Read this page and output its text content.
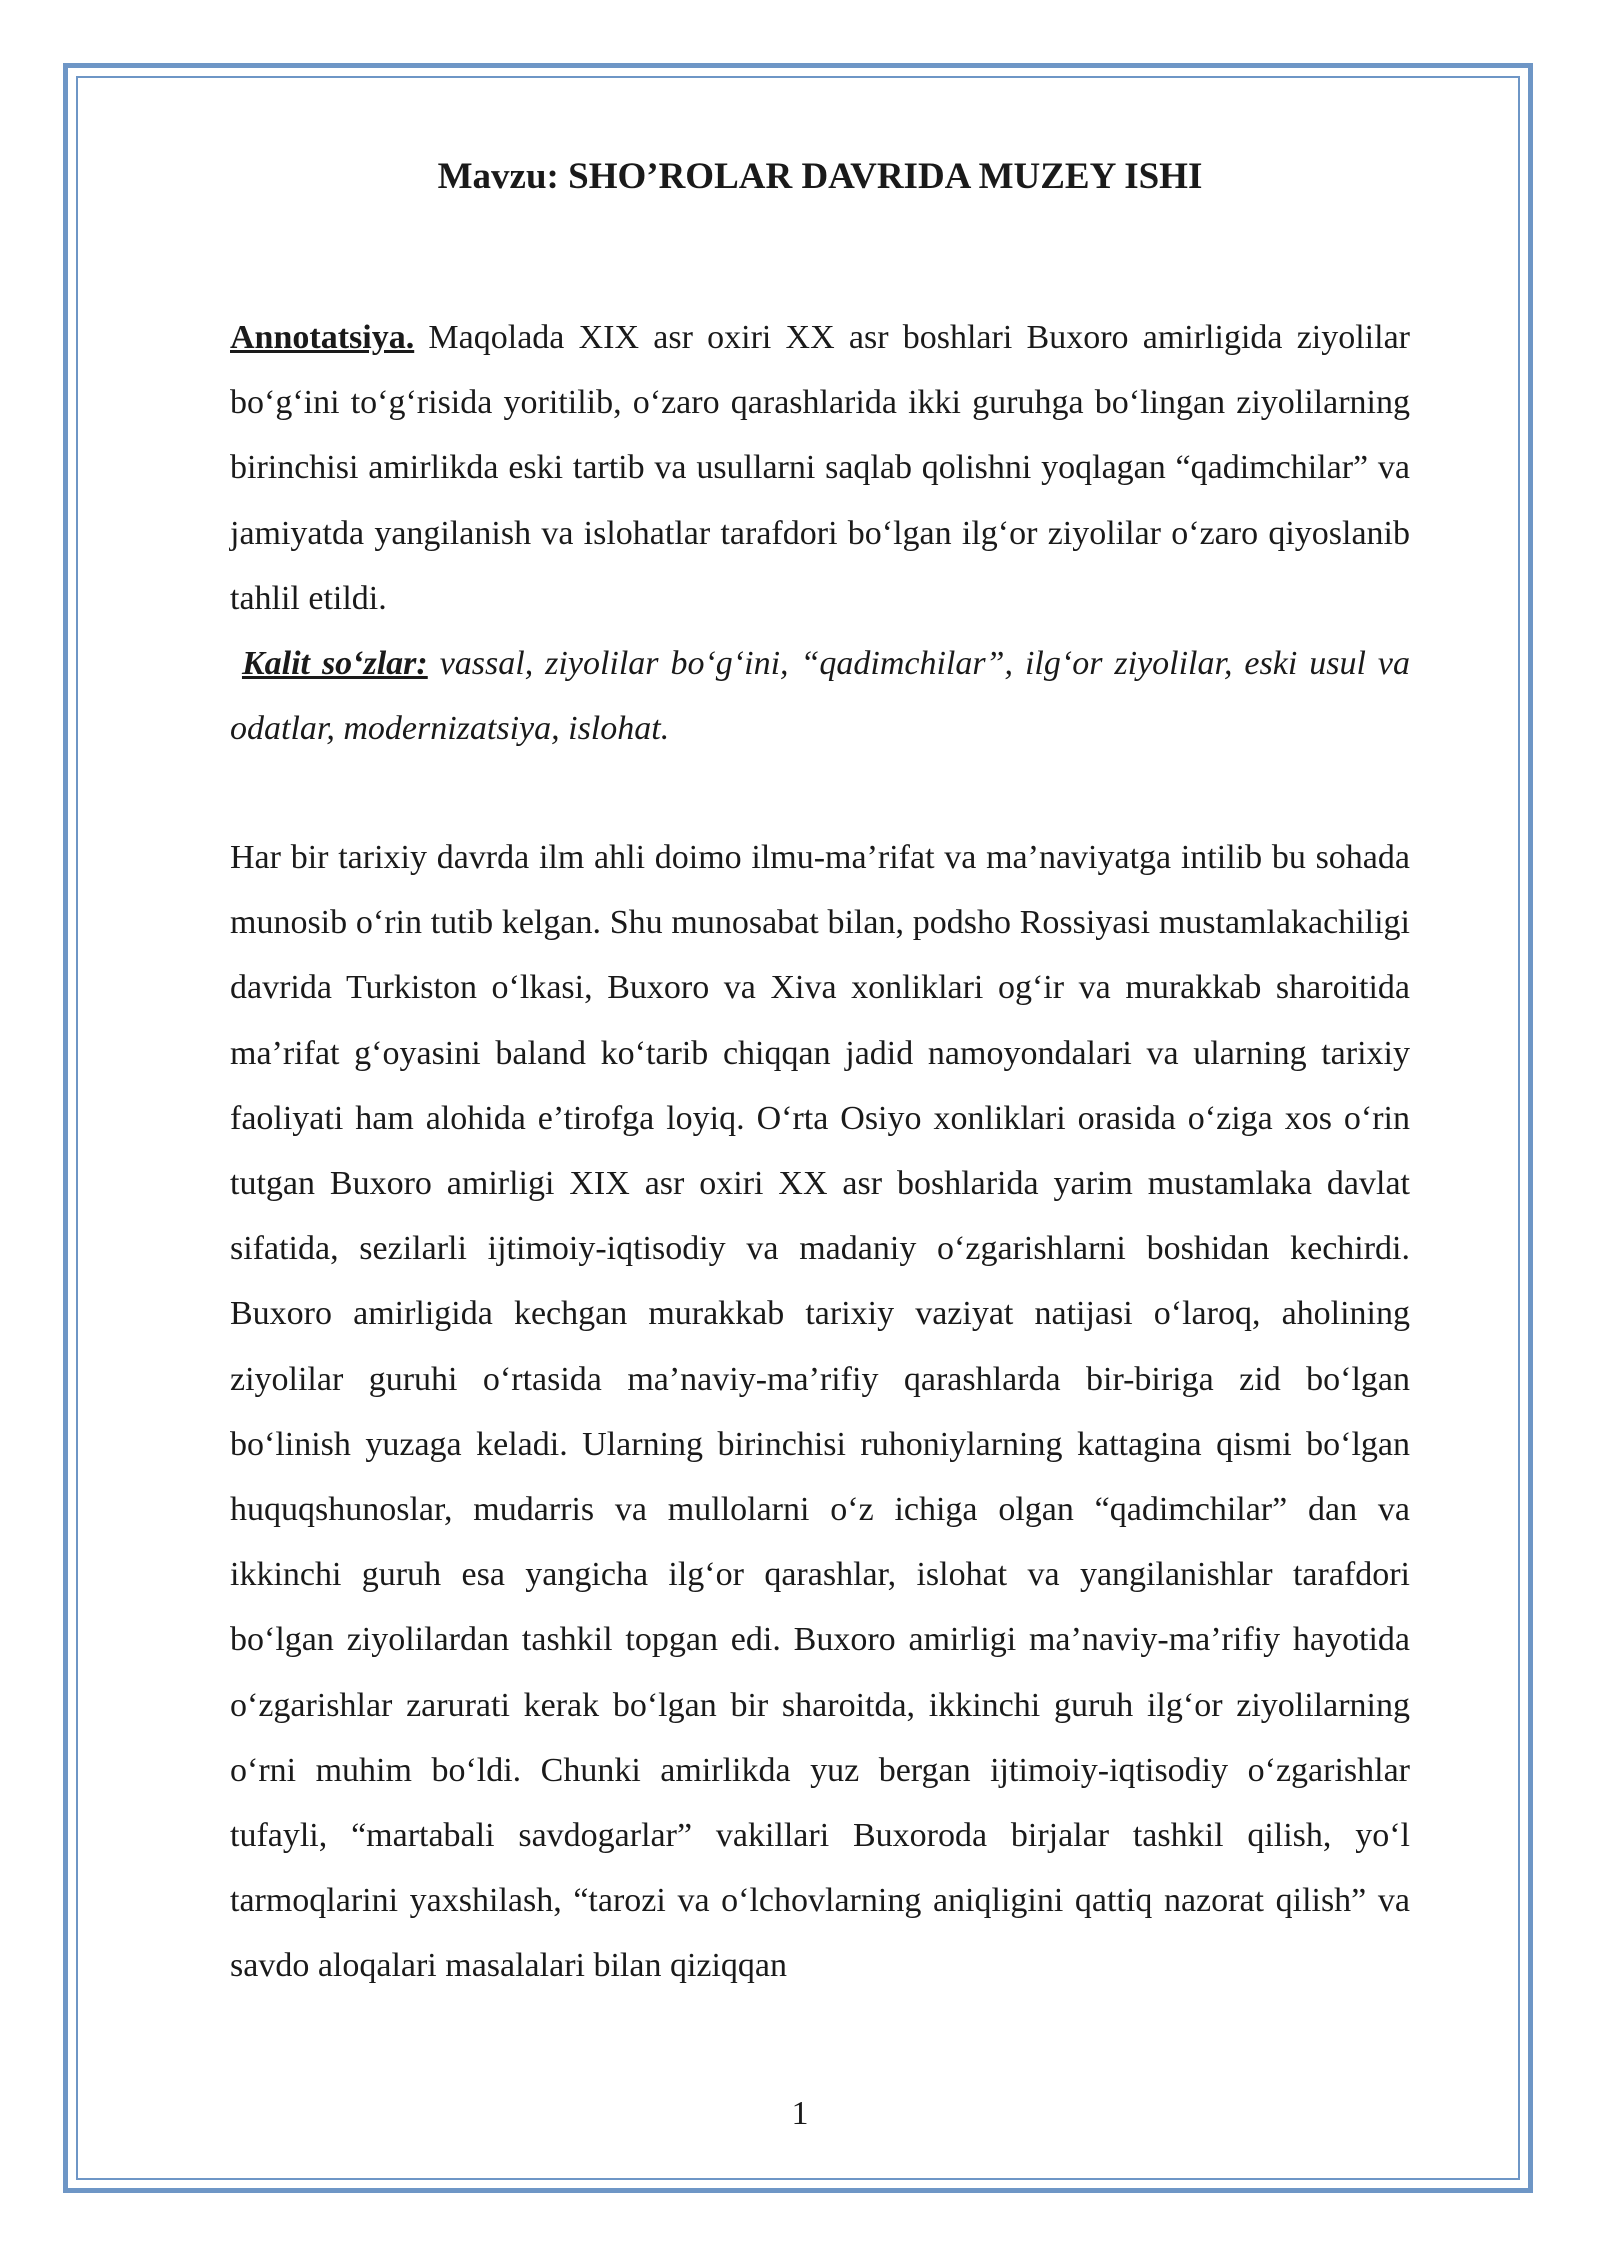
Mavzu: SHO’ROLAR DAVRIDA MUZEY ISHI
Annotatsiya. Maqolada XIX asr oxiri XX asr boshlari Buxoro amirligida ziyolilar bo‘g‘ini to‘g‘risida yoritilib, o‘zaro qarashlarida ikki guruhga bo‘lingan ziyolilarning birinchisi amirlikda eski tartib va usullarni saqlab qolishni yoqlagan “qadimchilar” va jamiyatda yangilanish va islohatlar tarafdori bo‘lgan ilg‘or ziyolilar o‘zaro qiyoslanib tahlil etildi.
Kalit so‘zlar: vassal, ziyolilar bo‘g‘ini, “qadimchilar”, ilg‘or ziyolilar, eski usul va odatlar, modernizatsiya, islohat.

Har bir tarixiy davrda ilm ahli doimo ilmu-ma’rifat va ma’naviyatga intilib bu sohada munosib o‘rin tutib kelgan. Shu munosabat bilan, podsho Rossiyasi mustamlakachiligi davrida Turkiston o‘lkasi, Buxoro va Xiva xonliklari og‘ir va murakkab sharoitida ma’rifat g‘oyasini baland ko‘tarib chiqqan jadid namoyondalari va ularning tarixiy faoliyati ham alohida e’tirofga loyiq. O‘rta Osiyo xonliklari orasida o‘ziga xos o‘rin tutgan Buxoro amirligi XIX asr oxiri XX asr boshlarida yarim mustamlaka davlat sifatida, sezilarli ijtimoiy-iqtisodiy va madaniy o‘zgarishlarni boshidan kechirdi. Buxoro amirligida kechgan murakkab tarixiy vaziyat natijasi o‘laroq, aholining ziyolilar guruhi o‘rtasida ma’naviy-ma’rifiy qarashlarda bir-biriga zid bo‘lgan bo‘linish yuzaga keladi. Ularning birinchisi ruhoniylarning kattagina qismi bo‘lgan huquqshunoslar, mudarris va mullolarni o‘z ichiga olgan “qadimchilar” dan va ikkinchi guruh esa yangicha ilg‘or qarashlar, islohat va yangilanishlar tarafdori bo‘lgan ziyolilardan tashkil topgan edi. Buxoro amirligi ma’naviy-ma’rifiy hayotida o‘zgarishlar zarurati kerak bo‘lgan bir sharoitda, ikkinchi guruh ilg‘or ziyolilarning o‘rni muhim bo‘ldi. Chunki amirlikda yuz bergan ijtimoiy-iqtisodiy o‘zgarishlar tufayli, “martabali savdogarlar” vakillari Buxoroda birjalar tashkil qilish, yo‘l tarmoqlarini yaxshilash, “tarozi va o‘lchovlarning aniqligini qattiq nazorat qilish” va savdo aloqalari masalalari bilan qiziqqan

1
